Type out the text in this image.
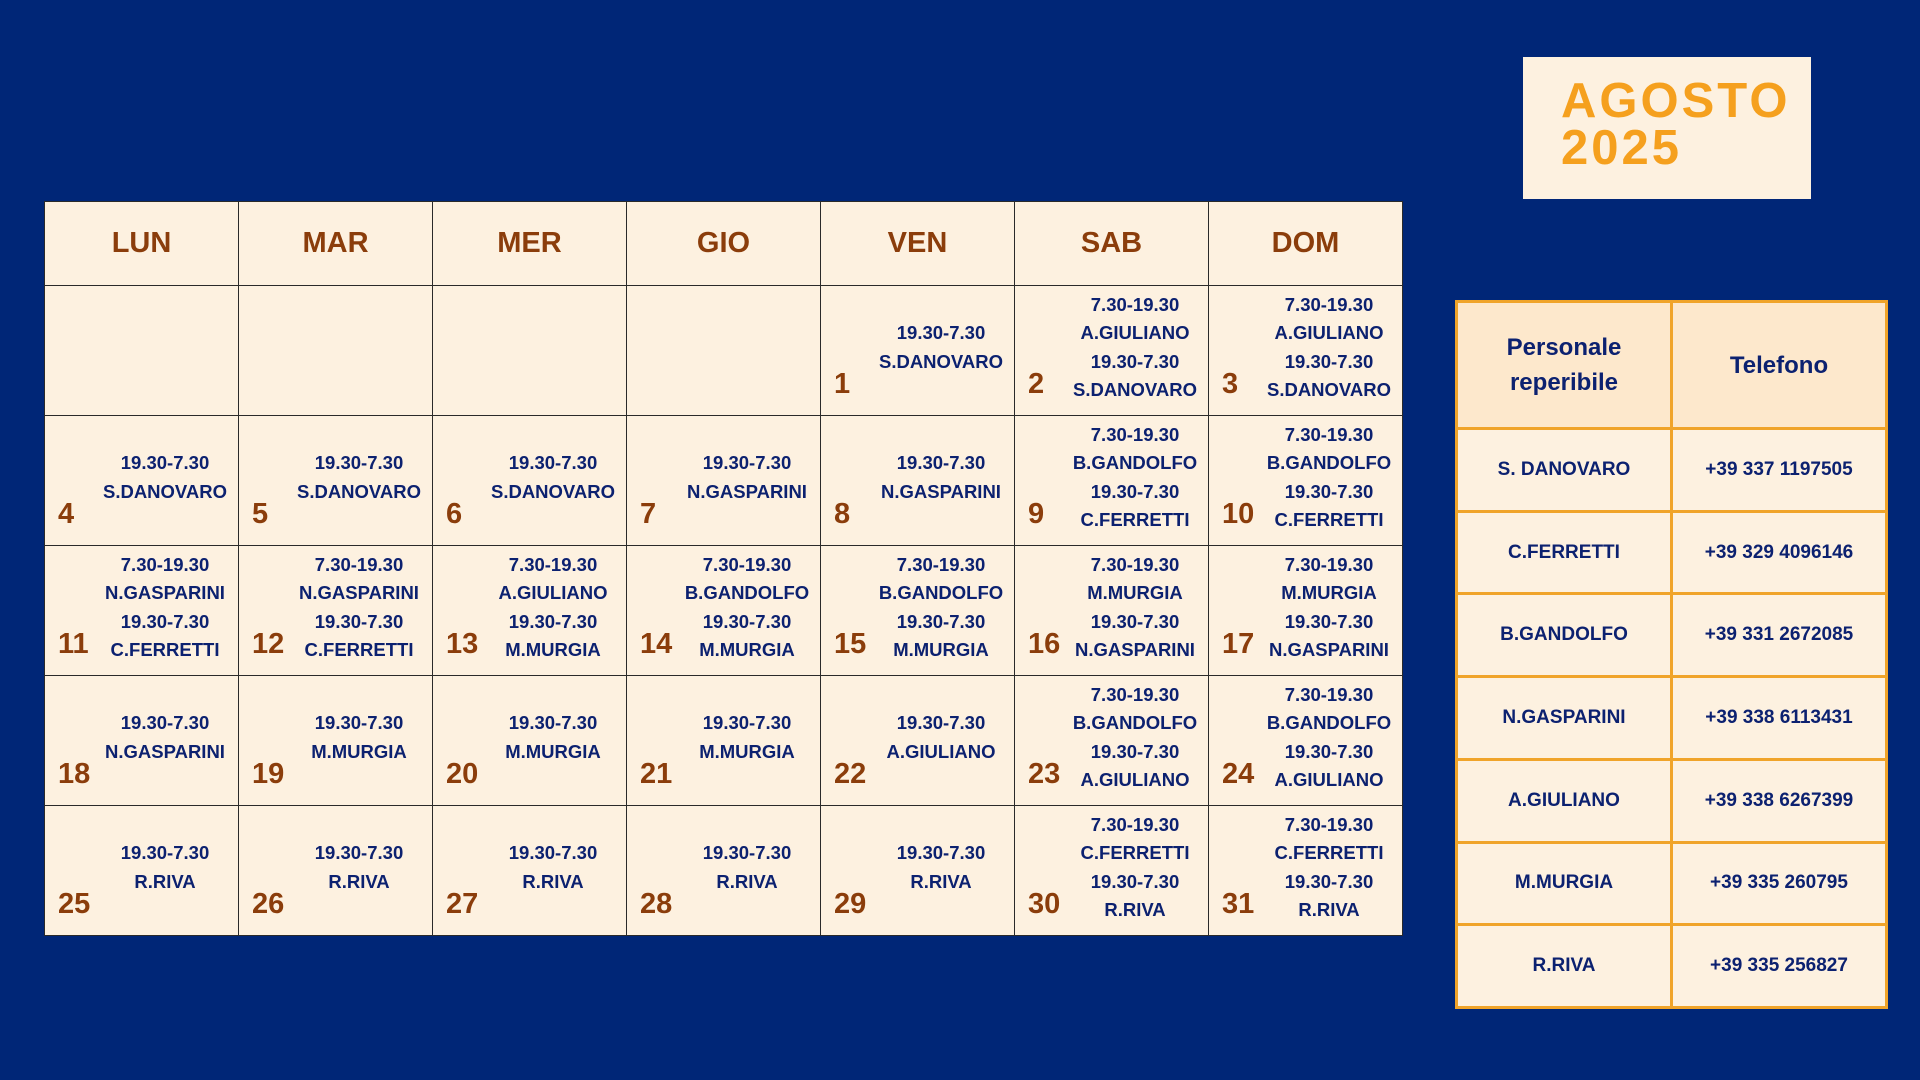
AGOSTO
2025
LUN	MAR	MER	GIO	VEN	SAB	DOM

				1
19.30-7.30
S.DANOVARO	2
7.30-19.30
A.GIULIANO
19.30-7.30
S.DANOVARO	3
7.30-19.30
A.GIULIANO
19.30-7.30
S.DANOVARO

4
19.30-7.30
S.DANOVARO	5
19.30-7.30
S.DANOVARO	6
19.30-7.30
S.DANOVARO	7
19.30-7.30
N.GASPARINI	8
19.30-7.30
N.GASPARINI	9
7.30-19.30
B.GANDOLFO
19.30-7.30
C.FERRETTI	10
7.30-19.30
B.GANDOLFO
19.30-7.30
C.FERRETTI

11
7.30-19.30
N.GASPARINI
19.30-7.30
C.FERRETTI	12
7.30-19.30
N.GASPARINI
19.30-7.30
C.FERRETTI	13
7.30-19.30
A.GIULIANO
19.30-7.30
M.MURGIA	14
7.30-19.30
B.GANDOLFO
19.30-7.30
M.MURGIA	15
7.30-19.30
B.GANDOLFO
19.30-7.30
M.MURGIA	16
7.30-19.30
M.MURGIA
19.30-7.30
N.GASPARINI	17
7.30-19.30
M.MURGIA
19.30-7.30
N.GASPARINI

18
19.30-7.30
N.GASPARINI	19
19.30-7.30
M.MURGIA	20
19.30-7.30
M.MURGIA	21
19.30-7.30
M.MURGIA	22
19.30-7.30
A.GIULIANO	23
7.30-19.30
B.GANDOLFO
19.30-7.30
A.GIULIANO	24
7.30-19.30
B.GANDOLFO
19.30-7.30
A.GIULIANO

25
19.30-7.30
R.RIVA	26
19.30-7.30
R.RIVA	27
19.30-7.30
R.RIVA	28
19.30-7.30
R.RIVA	29
19.30-7.30
R.RIVA	30
7.30-19.30
C.FERRETTI
19.30-7.30
R.RIVA	31
7.30-19.30
C.FERRETTI
19.30-7.30
R.RIVA
Personale reperibile	Telefono
S. DANOVARO	+39 337 1197505
C.FERRETTI	+39 329 4096146
B.GANDOLFO	+39 331 2672085
N.GASPARINI	+39 338 6113431
A.GIULIANO	+39 338 6267399
M.MURGIA	+39 335 260795
R.RIVA	+39 335 256827
